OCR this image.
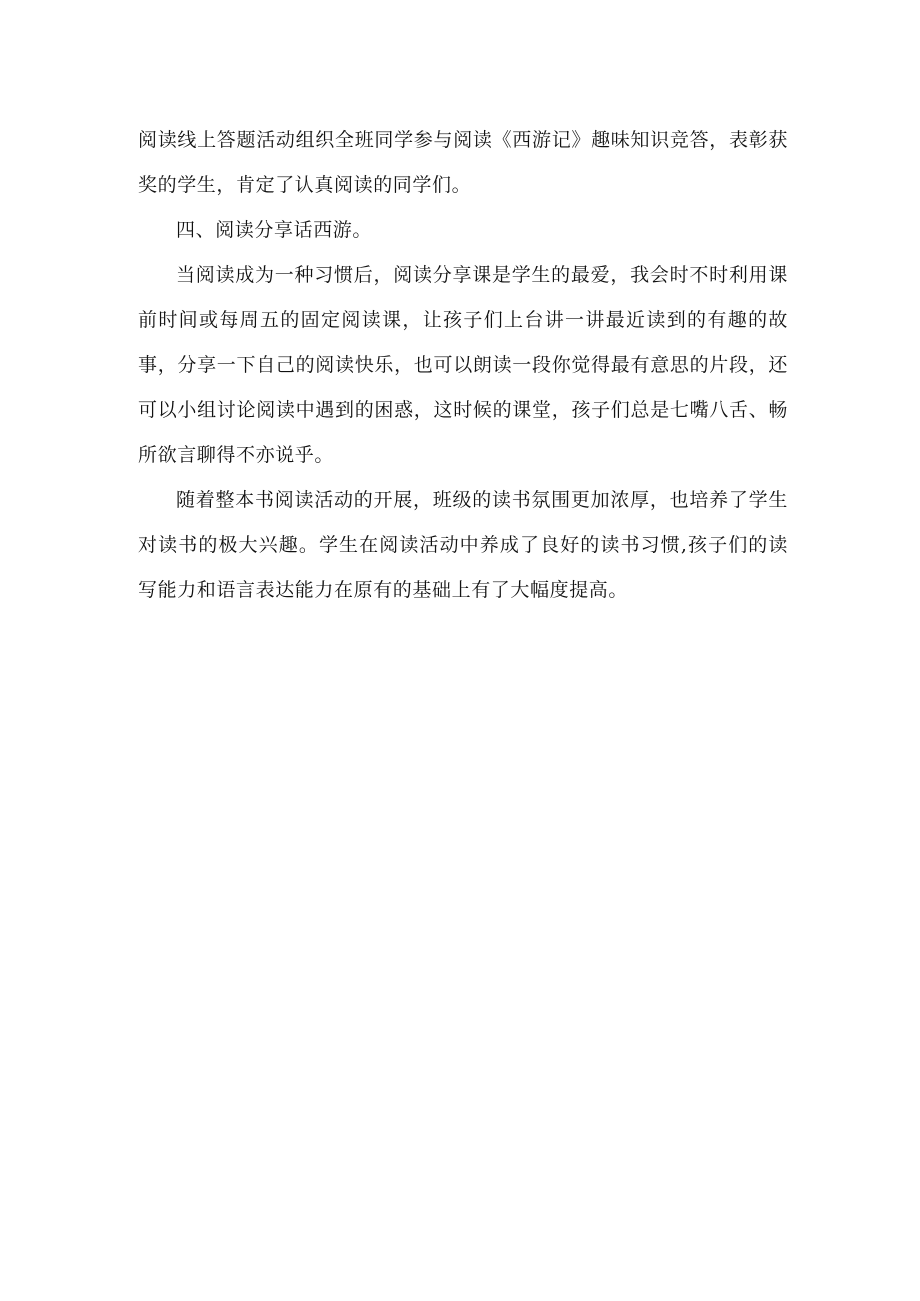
阅读线上答题活动组织全班同学参与阅读《西游记》趣味知识竞答，表彰获奖的学生，肯定了认真阅读的同学们。

四、阅读分享话西游。

当阅读成为一种习惯后，阅读分享课是学生的最爱，我会时不时利用课前时间或每周五的固定阅读课，让孩子们上台讲一讲最近读到的有趣的故事，分享一下自己的阅读快乐，也可以朗读一段你觉得最有意思的片段，还可以小组讨论阅读中遇到的困惑，这时候的课堂，孩子们总是七嘴八舌、畅所欲言聊得不亦说乎。

随着整本书阅读活动的开展，班级的读书氛围更加浓厚，也培养了学生对读书的极大兴趣。学生在阅读活动中养成了良好的读书习惯,孩子们的读写能力和语言表达能力在原有的基础上有了大幅度提高。
